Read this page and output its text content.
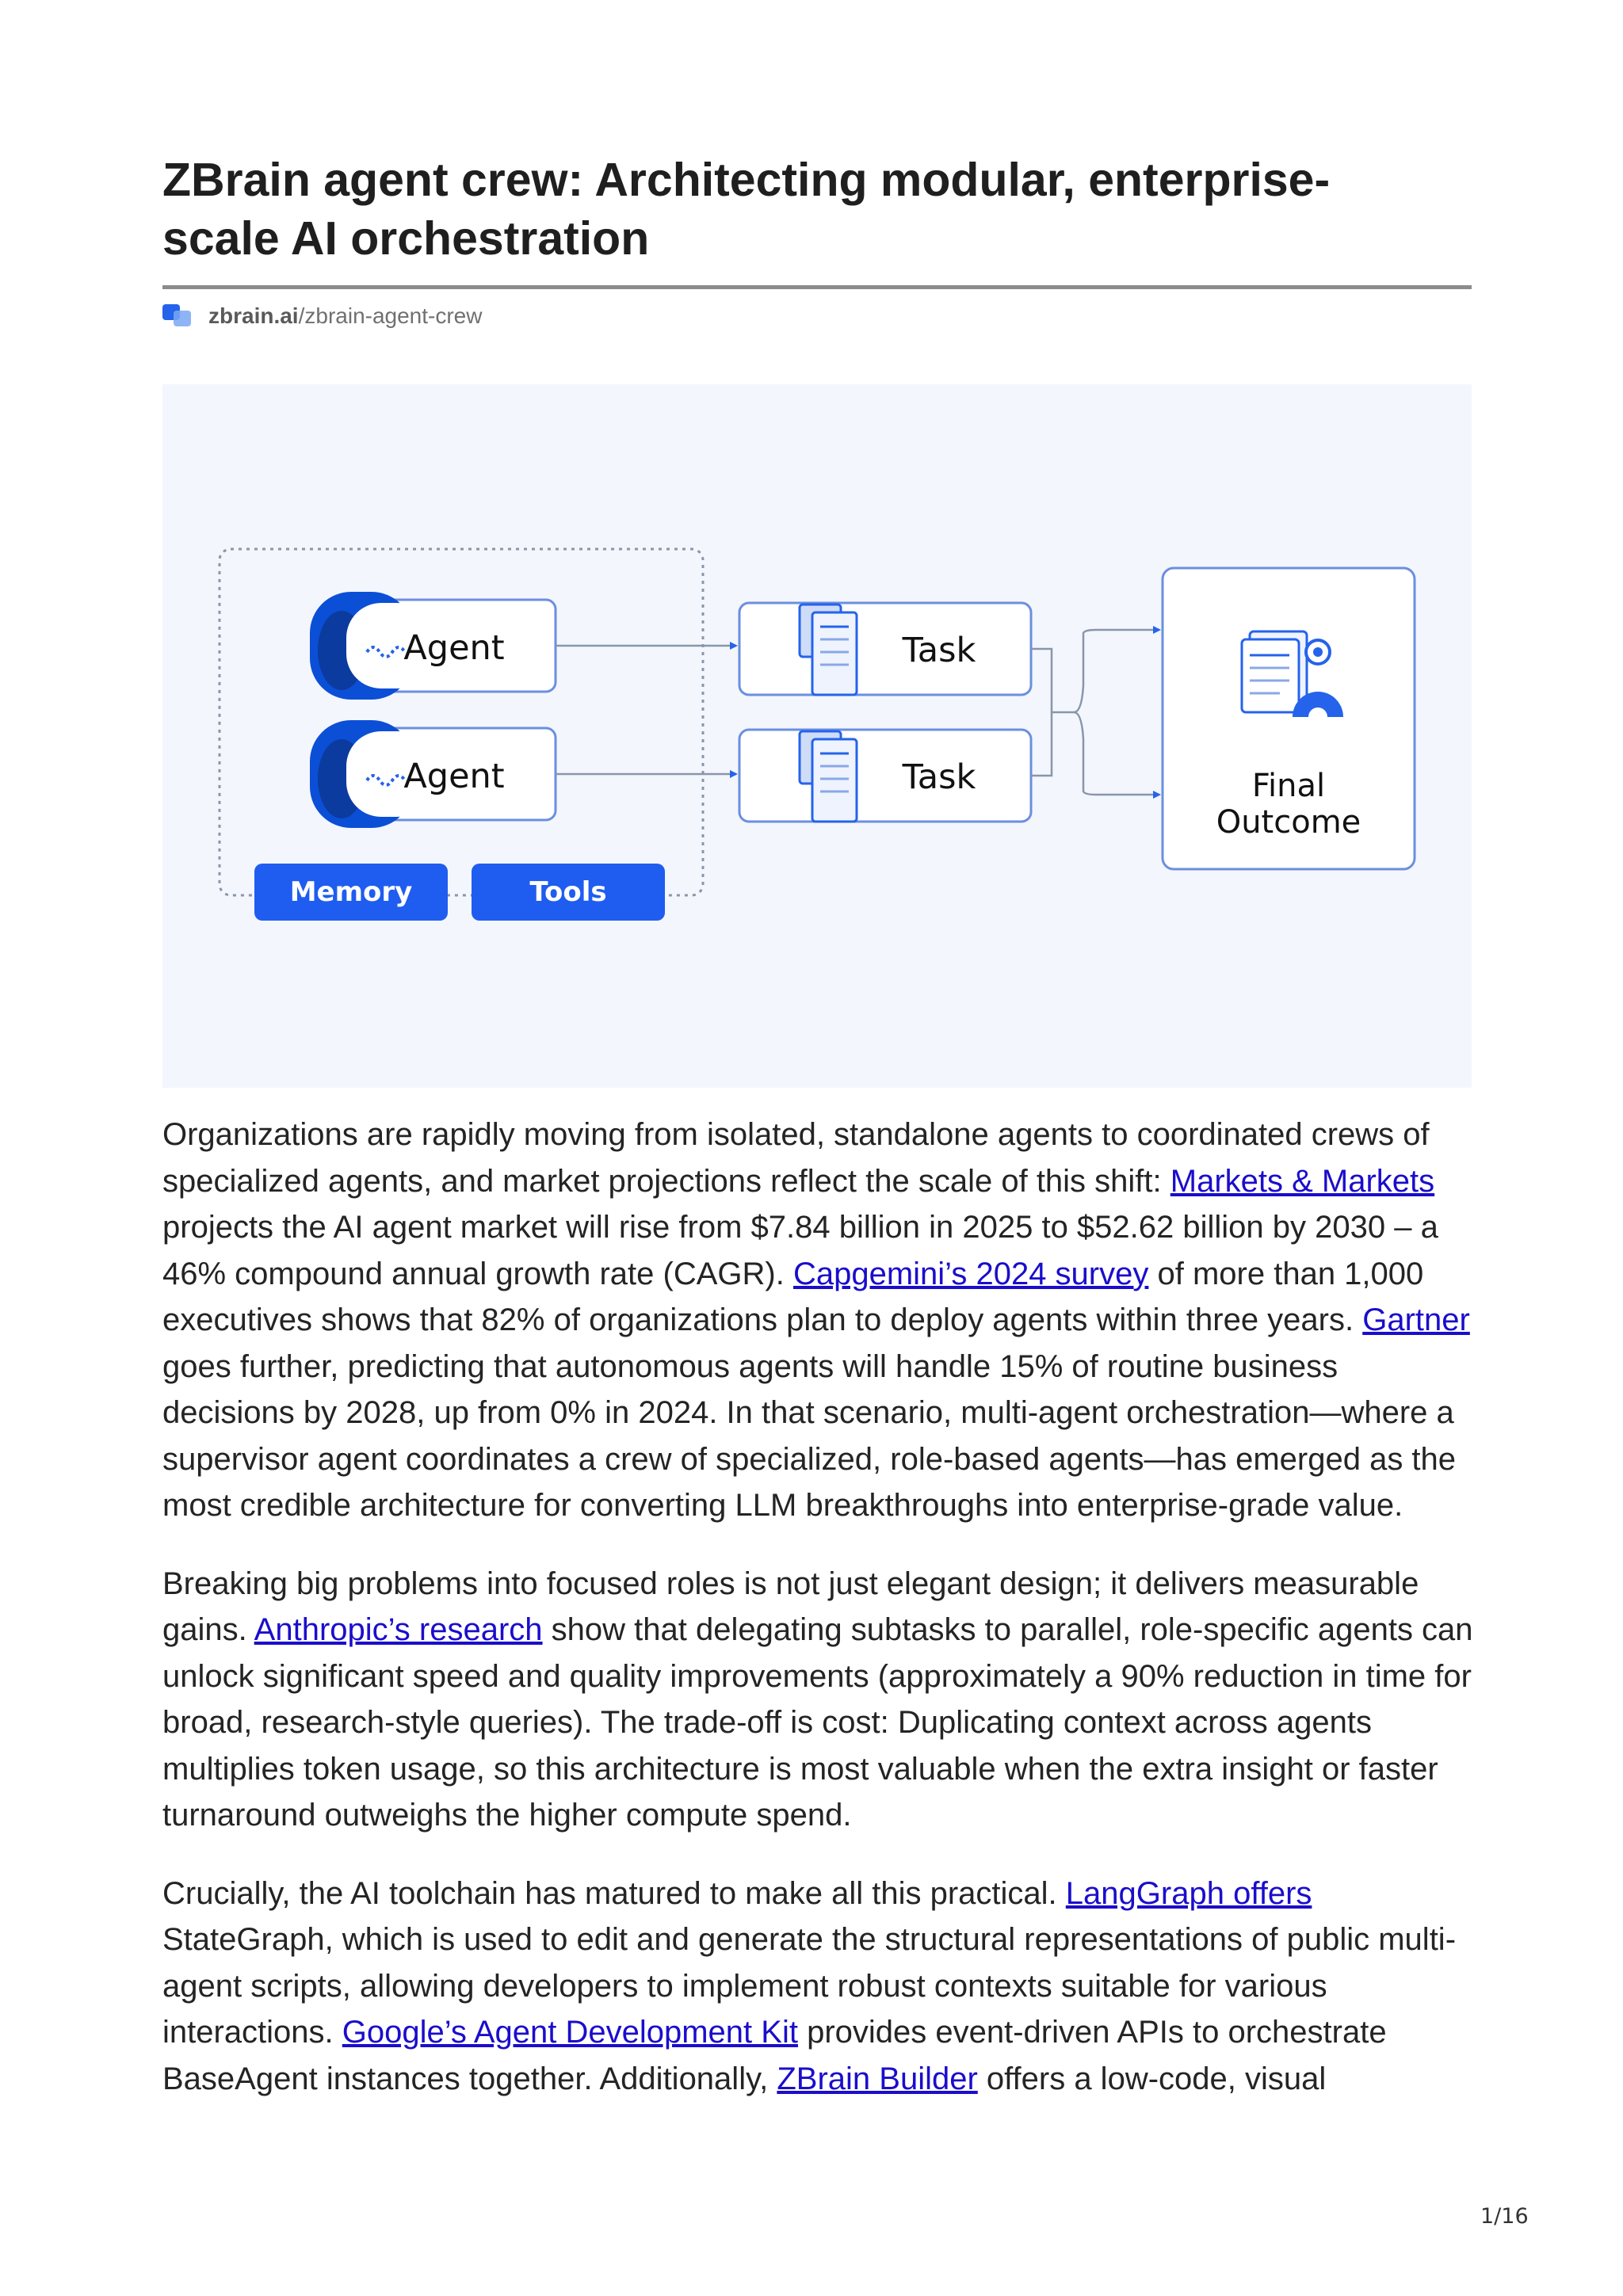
ZBrain agent crew: Architecting modular, enterprise-
scale AI orchestration
zbrain.ai /zbrain-agent-crew
Agent
Agent
Memory	Tools
Task
Task	Final
Outcome

Organizations are rapidly moving from isolated, standalone agents to coordinated crews of specialized agents, and market projections reflect the scale of this shift: Markets & Markets projects the AI agent market will rise from $7.84 billion in 2025 to $52.62 billion by 2030 – a 46% compound annual growth rate (CAGR). Capgemini’s 2024 survey of more than 1,000 executives shows that 82% of organizations plan to deploy agents within three years. Gartner goes further, predicting that autonomous agents will handle 15% of routine business decisions by 2028, up from 0% in 2024. In that scenario, multi-agent orchestration—where a supervisor agent coordinates a crew of specialized, role-based agents—has emerged as the most credible architecture for converting LLM breakthroughs into enterprise-grade value.

Breaking big problems into focused roles is not just elegant design; it delivers measurable gains. Anthropic’s research show that delegating subtasks to parallel, role-specific agents can unlock significant speed and quality improvements (approximately a 90% reduction in time for broad, research-style queries). The trade-off is cost: Duplicating context across agents multiplies token usage, so this architecture is most valuable when the extra insight or faster turnaround outweighs the higher compute spend.

Crucially, the AI toolchain has matured to make all this practical. LangGraph offers StateGraph, which is used to edit and generate the structural representations of public multi-agent scripts, allowing developers to implement robust contexts suitable for various interactions. Google’s Agent Development Kit provides event-driven APIs to orchestrate BaseAgent instances together. Additionally, ZBrain Builder offers a low-code, visual

1/16
